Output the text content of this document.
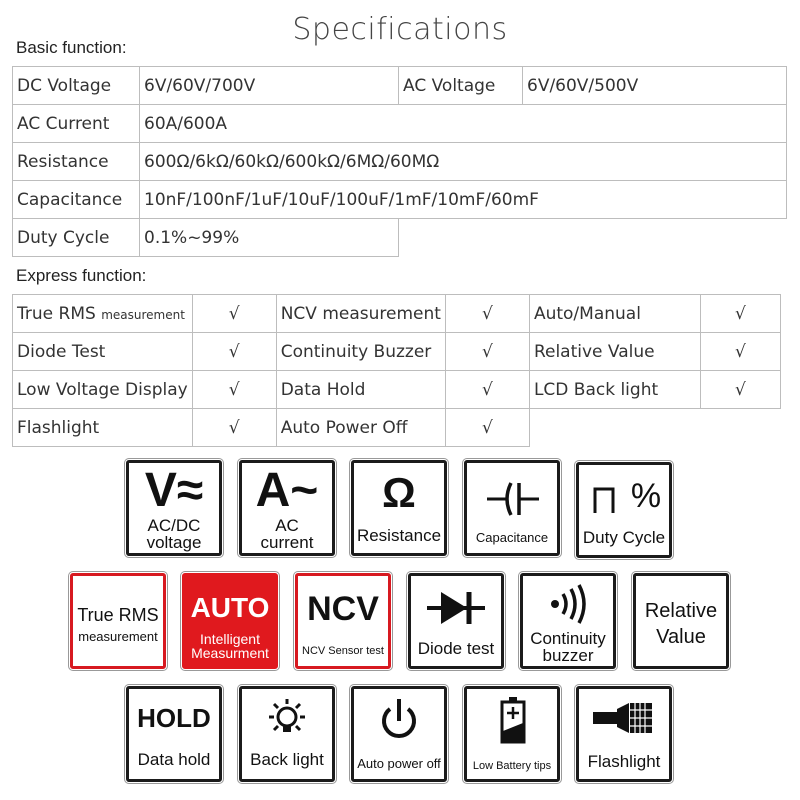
Specifications
Basic function:
DC Voltage	6V/60V/700V	AC Voltage	6V/60V/500V
AC Current	60A/600A		
Resistance	600Ω/6kΩ/60kΩ/600kΩ/6MΩ/60MΩ		
Capacitance	10nF/100nF/1uF/10uF/100uF/1mF/10mF/60mF		
Duty Cycle	0.1%~99%		
Express function:
True RMS measurement	√	NCV measurement	√	Auto/Manual	√
Diode Test	√	Continuity Buzzer	√	Relative Value	√
Low Voltage Display	√	Data Hold	√	LCD Back light	√
Flashlight	√	Auto Power Off	√		
V≈
AC/DC
voltage
A~
AC
current
Ω
Resistance	Capacitance
%
Duty Cycle
True RMS
measurement
AUTO
Intelligent
Measurment
NCV
NCV Sensor test	Diode test
Continuity
buzzer
Relative
Value
HOLD
Data hold	Back light	Auto power off	Low Battery tips	Flashlight
